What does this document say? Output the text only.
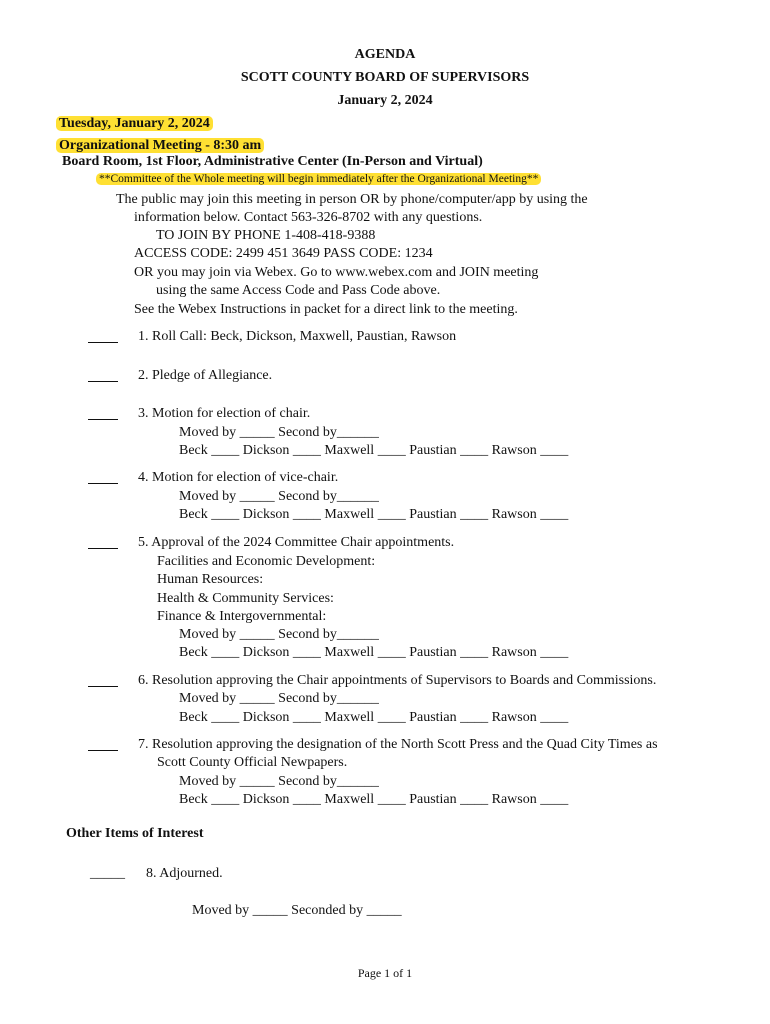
AGENDA
SCOTT COUNTY BOARD OF SUPERVISORS
January 2, 2024
Tuesday, January 2, 2024
Organizational Meeting - 8:30 am
Board Room, 1st Floor, Administrative Center (In-Person and Virtual)
**Committee of the Whole meeting will begin immediately after the Organizational Meeting**
The public may join this meeting in person OR by phone/computer/app by using the
information below. Contact 563-326-8702 with any questions.
TO JOIN BY PHONE 1-408-418-9388
ACCESS CODE: 2499 451 3649 PASS CODE: 1234
OR you may join via Webex. Go to www.webex.com and JOIN meeting
using the same Access Code and Pass Code above.
See the Webex Instructions in packet for a direct link to the meeting.
1. Roll Call: Beck, Dickson, Maxwell, Paustian, Rawson
2. Pledge of Allegiance.
3. Motion for election of chair.
Moved by _____ Second by______
Beck ____ Dickson ____ Maxwell ____ Paustian ____ Rawson ____
4. Motion for election of vice-chair.
Moved by _____ Second by______
Beck ____ Dickson ____ Maxwell ____ Paustian ____ Rawson ____
5. Approval of the 2024 Committee Chair appointments.
Facilities and Economic Development:
Human Resources:
Health & Community Services:
Finance & Intergovernmental:
Moved by _____ Second by______
Beck ____ Dickson ____ Maxwell ____ Paustian ____ Rawson ____
6. Resolution approving the Chair appointments of Supervisors to Boards and Commissions.
Moved by _____ Second by______
Beck ____ Dickson ____ Maxwell ____ Paustian ____ Rawson ____
7. Resolution approving the designation of the North Scott Press and the Quad City Times as
Scott County Official Newpapers.
Moved by _____ Second by______
Beck ____ Dickson ____ Maxwell ____ Paustian ____ Rawson ____
Other Items of Interest
_____ 8. Adjourned.
Moved by _____ Seconded by _____
Page 1 of 1
